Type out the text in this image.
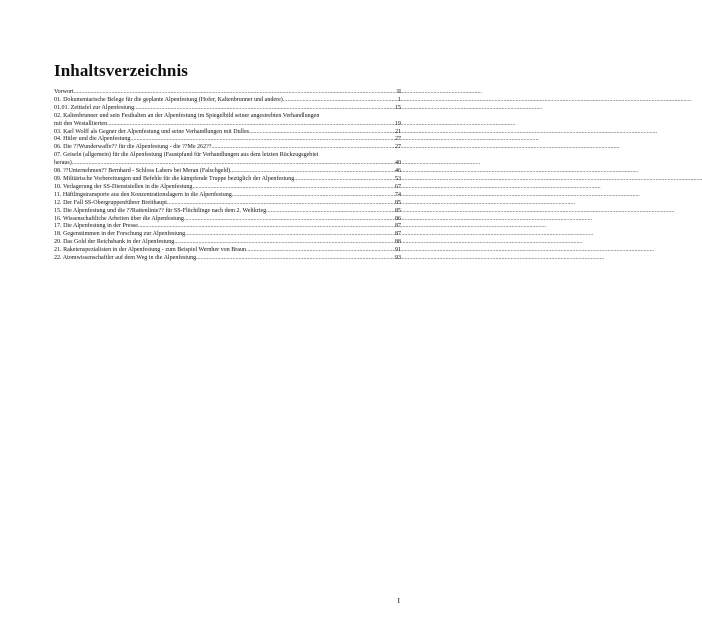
Inhaltsverzeichnis
Vorwort .....	II
01. Dokumentarische Belege für die geplante Alpenfestung (Hofer, Kaltenbrunner und andere) .....	1
01.01. Zeittafel zur Alpenfestung .....	15
02. Kaltenbrunner und sein Festhalten an der Alpenfestung im Spiegelbild seiner angestrebten Verhandlungen
mit den Westalliierten .....	19
03. Karl Wolff als Gegner der Alpenfestung und seine Verhandlungen mit Dulles .....	21
04. Hitler und die Alpenfestung .....	27
06. Die ??Wunderwaffe?? für die Alpenfestung - die ??Me 262?? .....	27
07. Geiseln (allgemein) für die Alpenfestung (Faustpfand für Verhandlungen aus dem letzten Rückzugsgebiet
heraus) .....	40
08. ??Unternehmen?? Bernhard - Schloss Labers bei Meran (Falschgeld) .....	46
09. Militärische Vorbereitungen und Befehle für die kämpfende Truppe bezüglich der Alpenfestung .....	53
10. Verlagerung der SS-Dienststellen in die Alpenfestung .....	67
11. Häftlingstransporte aus den Konzentrationslagern in die Alpenfestung .....	74
12. Der Fall SS-Obergruppenführer Breithaupt .....	85
15. Die Alpenfestung und die ??Rattenlinie?? für SS-Flüchtlinge nach dem 2. Weltkrieg .....	85
16. Wissenschaftliche Arbeiten über die Alpenfestung .....	86
17. Die Alpenfestung in der Presse .....	87
18. Gegenstimmen in der Forschung zur Alpenfestung .....	87
20. Das Gold der Reichsbank in der Alpenfestung .....	88
21. Raketenspezialisten in der Alpenfestung - zum Beispiel Wernher von Braun .....	91
22. Atomwissenschaftler auf dem Weg in die Alpenfestung .....	93
I
